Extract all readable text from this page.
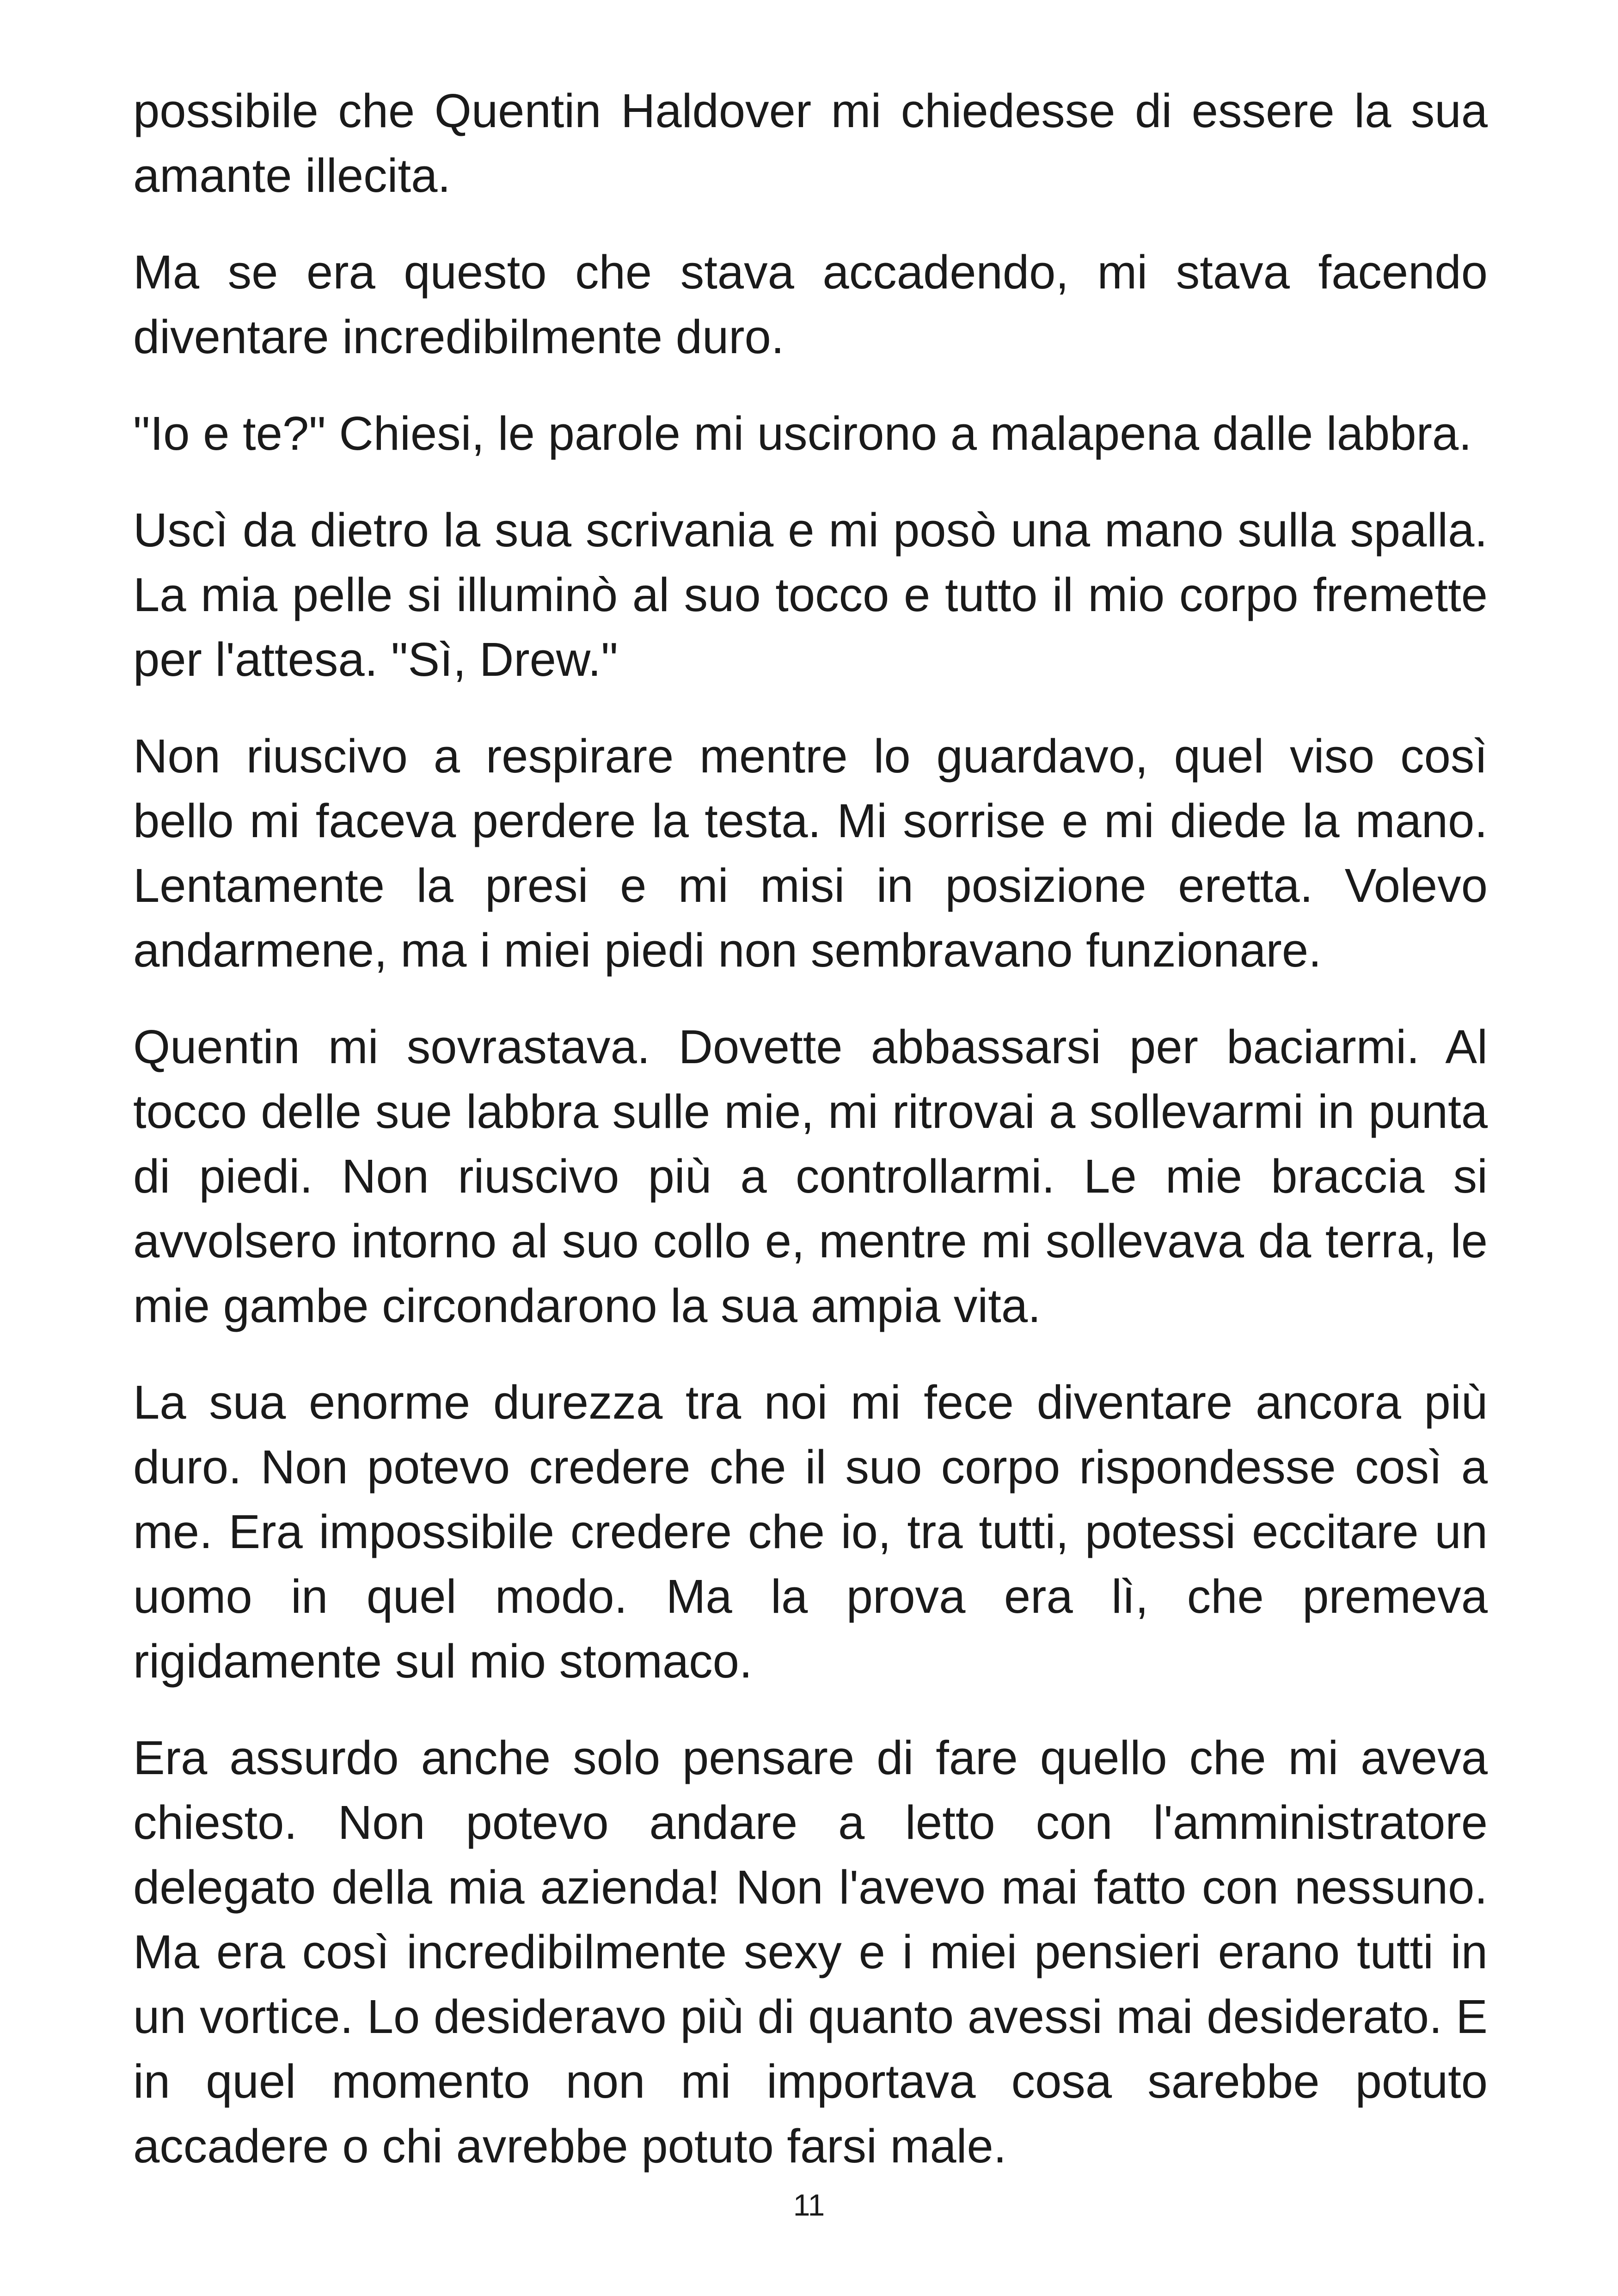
possibile che Quentin Haldover mi chiedesse di essere la sua amante illecita.

Ma se era questo che stava accadendo, mi stava facendo diventare incredibilmente duro.

"Io e te?" Chiesi, le parole mi uscirono a malapena dalle labbra.

Uscì da dietro la sua scrivania e mi posò una mano sulla spalla. La mia pelle si illuminò al suo tocco e tutto il mio corpo fremette per l'attesa. "Sì, Drew."

Non riuscivo a respirare mentre lo guardavo, quel viso così bello mi faceva perdere la testa. Mi sorrise e mi diede la mano. Lentamente la presi e mi misi in posizione eretta. Volevo andarmene, ma i miei piedi non sembravano funzionare.

Quentin mi sovrastava. Dovette abbassarsi per baciarmi. Al tocco delle sue labbra sulle mie, mi ritrovai a sollevarmi in punta di piedi. Non riuscivo più a controllarmi. Le mie braccia si avvolsero intorno al suo collo e, mentre mi sollevava da terra, le mie gambe circondarono la sua ampia vita.

La sua enorme durezza tra noi mi fece diventare ancora più duro. Non potevo credere che il suo corpo rispondesse così a me. Era impossibile credere che io, tra tutti, potessi eccitare un uomo in quel modo. Ma la prova era lì, che premeva rigidamente sul mio stomaco.

Era assurdo anche solo pensare di fare quello che mi aveva chiesto. Non potevo andare a letto con l'amministratore delegato della mia azienda! Non l'avevo mai fatto con nessuno. Ma era così incredibilmente sexy e i miei pensieri erano tutti in un vortice. Lo desideravo più di quanto avessi mai desiderato. E in quel momento non mi importava cosa sarebbe potuto accadere o chi avrebbe potuto farsi male.

11
